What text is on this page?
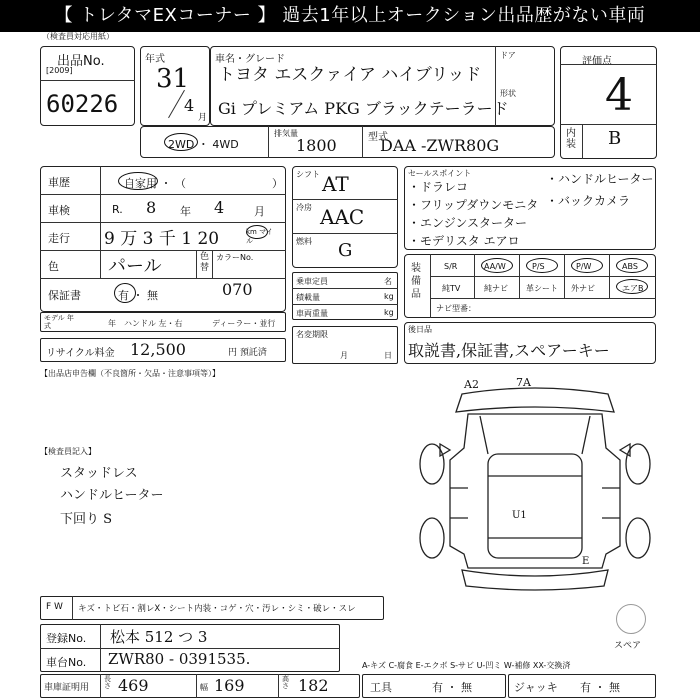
【 トレタマEXコーナー 】 過去1年以上オークション出品歴がない車両
（検査員対応用紙）
出品No.
[2009]
60226
年式
31
4
月
車名・グレード
トヨタ エスクァイア ハイブリッド
Gi プレミアム PKG ブラックテーラード
ドア
形状
評価点
4
内装 B
2WD ・ 4WD
排気量
1800	型式
DAA -ZWR80G
車歴	自家用 ・ （	）
車検	R. 8 年 4	月
走行 9 万 3 千 1 20	km マイル
色	パール	色替
カラーNo.
保証書	有 ・ 無	070
モデル 年式	年 ハンドル 左・右	ディーラー・並行
リサイクル料金 12,500	円 預託済
シフト AT
冷房 AAC
燃料 G
乗車定員	名
積載量	kg
車両重量	kg
名変期限
月	日
セールスポイント
・ドラレコ
・フリップダウンモニタ
・エンジンスターター
・モデリスタ エアロ
・ハンドルヒーター
・バックカメラ
装備品
S/R	AA/W	P/S	P/W	ABS
純TV	純ナビ 革シート 外ナビ	エアB
ナビ型番：
後日品
取説書,保証書,スペアーキー
【出品店申告欄（不良箇所・欠品・注意事項等）】
【検査員記入】
スタッドレス
ハンドルヒーター
下回り S
A2	7A
U1
E
スペア
F W キズ・トビ石・割レX・シート内装・コゲ・穴・汚レ・シミ・破レ・スレ
登録No. 松本 512 つ 3
車台No. ZWR80 - 0391535.	A-キズ C-腐食 E-エクボ S-サビ U-凹ミ W-補修 XX-交換済
車庫証明用
長さ 469	幅 169	高さ 182	工具	有 ・ 無	ジャッキ 有 ・ 無
